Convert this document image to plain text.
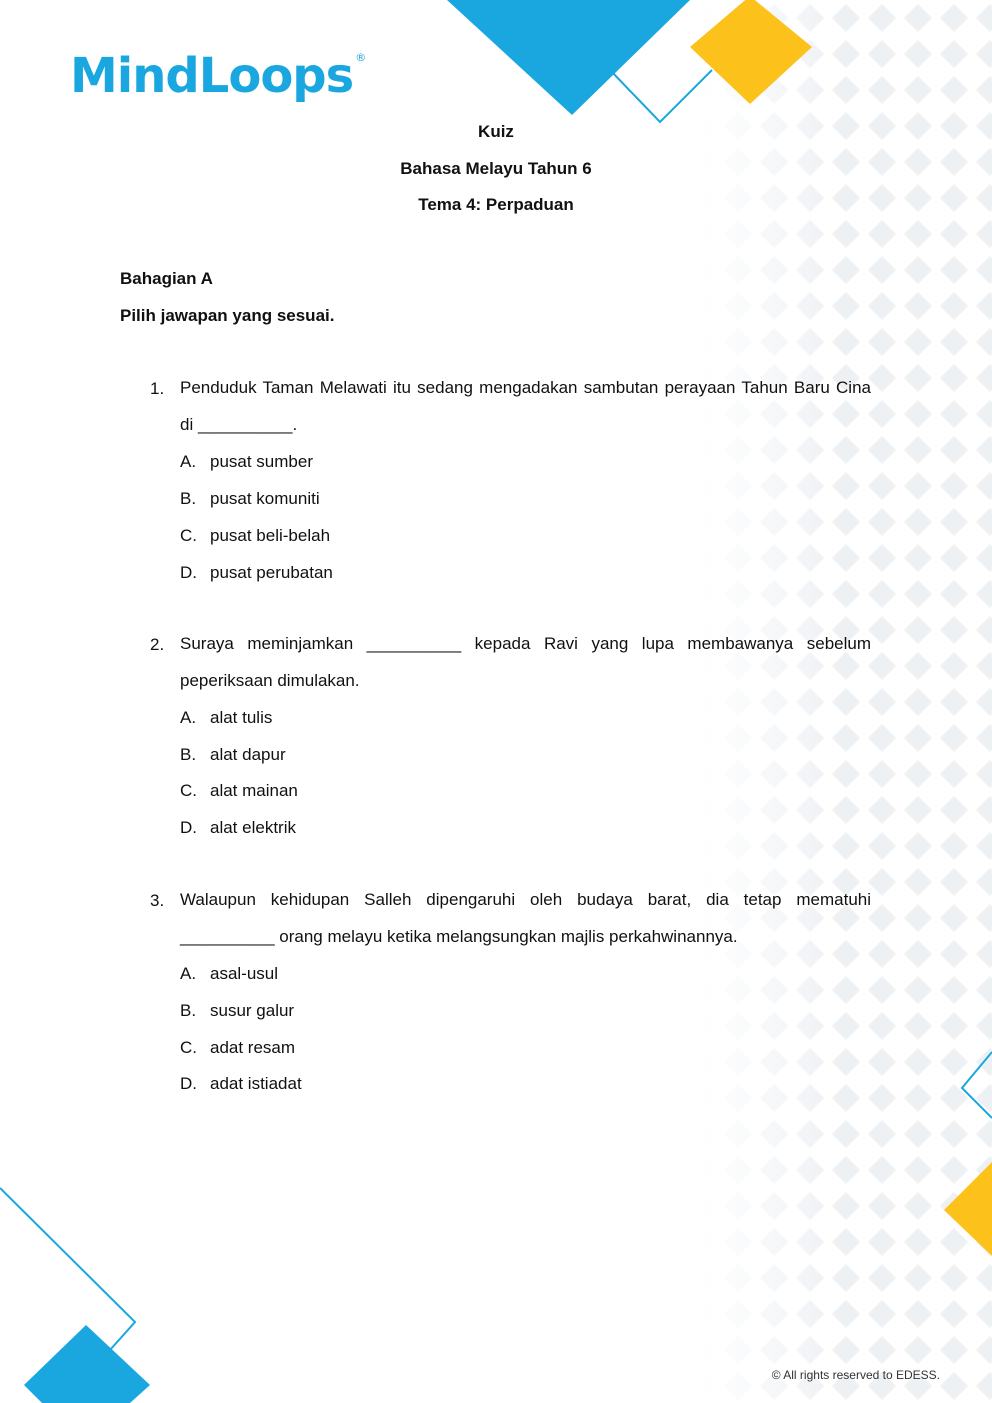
MindLoops ®
Kuiz
Bahasa Melayu Tahun 6
Tema 4: Perpaduan
Bahagian A
Pilih jawapan yang sesuai.
1. Penduduk Taman Melawati itu sedang mengadakan sambutan perayaan Tahun Baru Cina di __________.
A. pusat sumber
B. pusat komuniti
C. pusat beli-belah
D. pusat perubatan
2. Suraya meminjamkan __________ kepada Ravi yang lupa membawanya sebelum peperiksaan dimulakan.
A. alat tulis
B. alat dapur
C. alat mainan
D. alat elektrik
3. Walaupun kehidupan Salleh dipengaruhi oleh budaya barat, dia tetap mematuhi __________ orang melayu ketika melangsungkan majlis perkahwinannya.
A. asal-usul
B. susur galur
C. adat resam
D. adat istiadat
© All rights reserved to EDESS.
